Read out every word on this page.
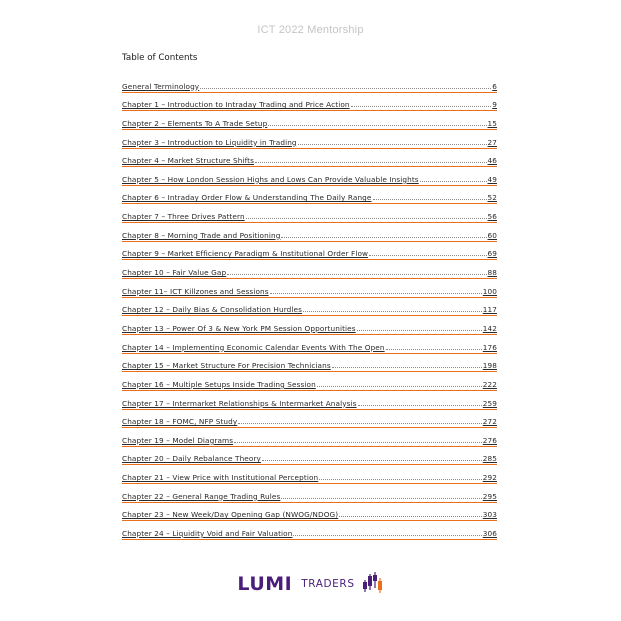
ICT 2022 Mentorship
Table of Contents
General Terminology	6
Chapter 1 – Introduction to Intraday Trading and Price Action	9
Chapter 2 – Elements To A Trade Setup	15
Chapter 3 – Introduction to Liquidity in Trading	27
Chapter 4 – Market Structure Shifts	46
Chapter 5 – How London Session Highs and Lows Can Provide Valuable Insights	49
Chapter 6 – Intraday Order Flow & Understanding The Daily Range	52
Chapter 7 – Three Drives Pattern	56
Chapter 8 – Morning Trade and Positioning	60
Chapter 9 – Market Efficiency Paradigm & Institutional Order Flow	69
Chapter 10 – Fair Value Gap	88
Chapter 11– ICT Killzones and Sessions	100
Chapter 12 – Daily Bias & Consolidation Hurdles	117
Chapter 13 – Power Of 3 & New York PM Session Opportunities	142
Chapter 14 – Implementing Economic Calendar Events With The Open	176
Chapter 15 – Market Structure For Precision Technicians	198
Chapter 16 – Multiple Setups Inside Trading Session	222
Chapter 17 – Intermarket Relationships & Intermarket Analysis	259
Chapter 18 – FOMC, NFP Study	272
Chapter 19 – Model Diagrams	276
Chapter 20 – Daily Rebalance Theory	285
Chapter 21 – View Price with Institutional Perception	292
Chapter 22 – General Range Trading Rules	295
Chapter 23 – New Week/Day Opening Gap (NWOG/NDOG)	303
Chapter 24 – Liquidity Void and Fair Valuation	306
LUMI TRADERS
